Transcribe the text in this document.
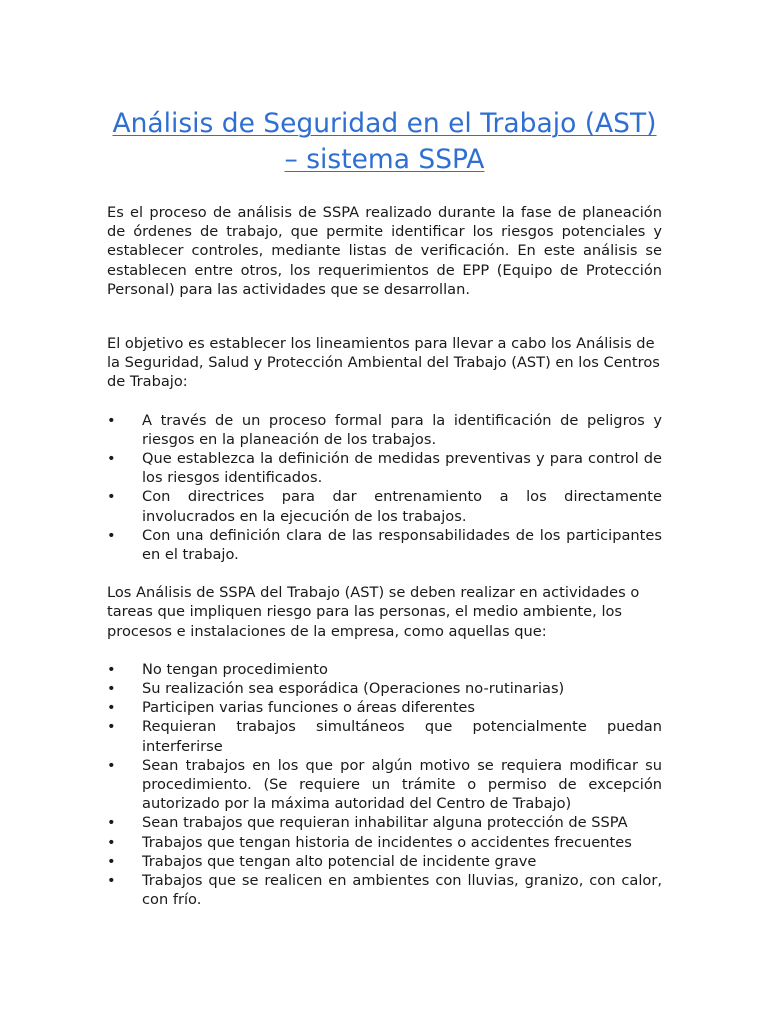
Análisis de Seguridad en el Trabajo (AST) – sistema SSPA

Es el proceso de análisis de SSPA realizado durante la fase de planeación de órdenes de trabajo, que permite identificar los riesgos potenciales y establecer controles, mediante listas de verificación. En este análisis se establecen entre otros, los requerimientos de EPP (Equipo de Protección Personal) para las actividades que se desarrollan.

El objetivo es establecer los lineamientos para llevar a cabo los Análisis de la Seguridad, Salud y Protección Ambiental del Trabajo (AST) en los Centros de Trabajo:

• A través de un proceso formal para la identificación de peligros y riesgos en la planeación de los trabajos.
• Que establezca la definición de medidas preventivas y para control de los riesgos identificados.
• Con directrices para dar entrenamiento a los directamente involucrados en la ejecución de los trabajos.
• Con una definición clara de las responsabilidades de los participantes en el trabajo.

Los Análisis de SSPA del Trabajo (AST) se deben realizar en actividades o tareas que impliquen riesgo para las personas, el medio ambiente, los procesos e instalaciones de la empresa, como aquellas que:

• No tengan procedimiento
• Su realización sea esporádica (Operaciones no-rutinarias)
• Participen varias funciones o áreas diferentes
• Requieran trabajos simultáneos que potencialmente puedan interferirse
• Sean trabajos en los que por algún motivo se requiera modificar su procedimiento. (Se requiere un trámite o permiso de excepción autorizado por la máxima autoridad del Centro de Trabajo)
• Sean trabajos que requieran inhabilitar alguna protección de SSPA
• Trabajos que tengan historia de incidentes o accidentes frecuentes
• Trabajos que tengan alto potencial de incidente grave
• Trabajos que se realicen en ambientes con lluvias, granizo, con calor, con frío.
